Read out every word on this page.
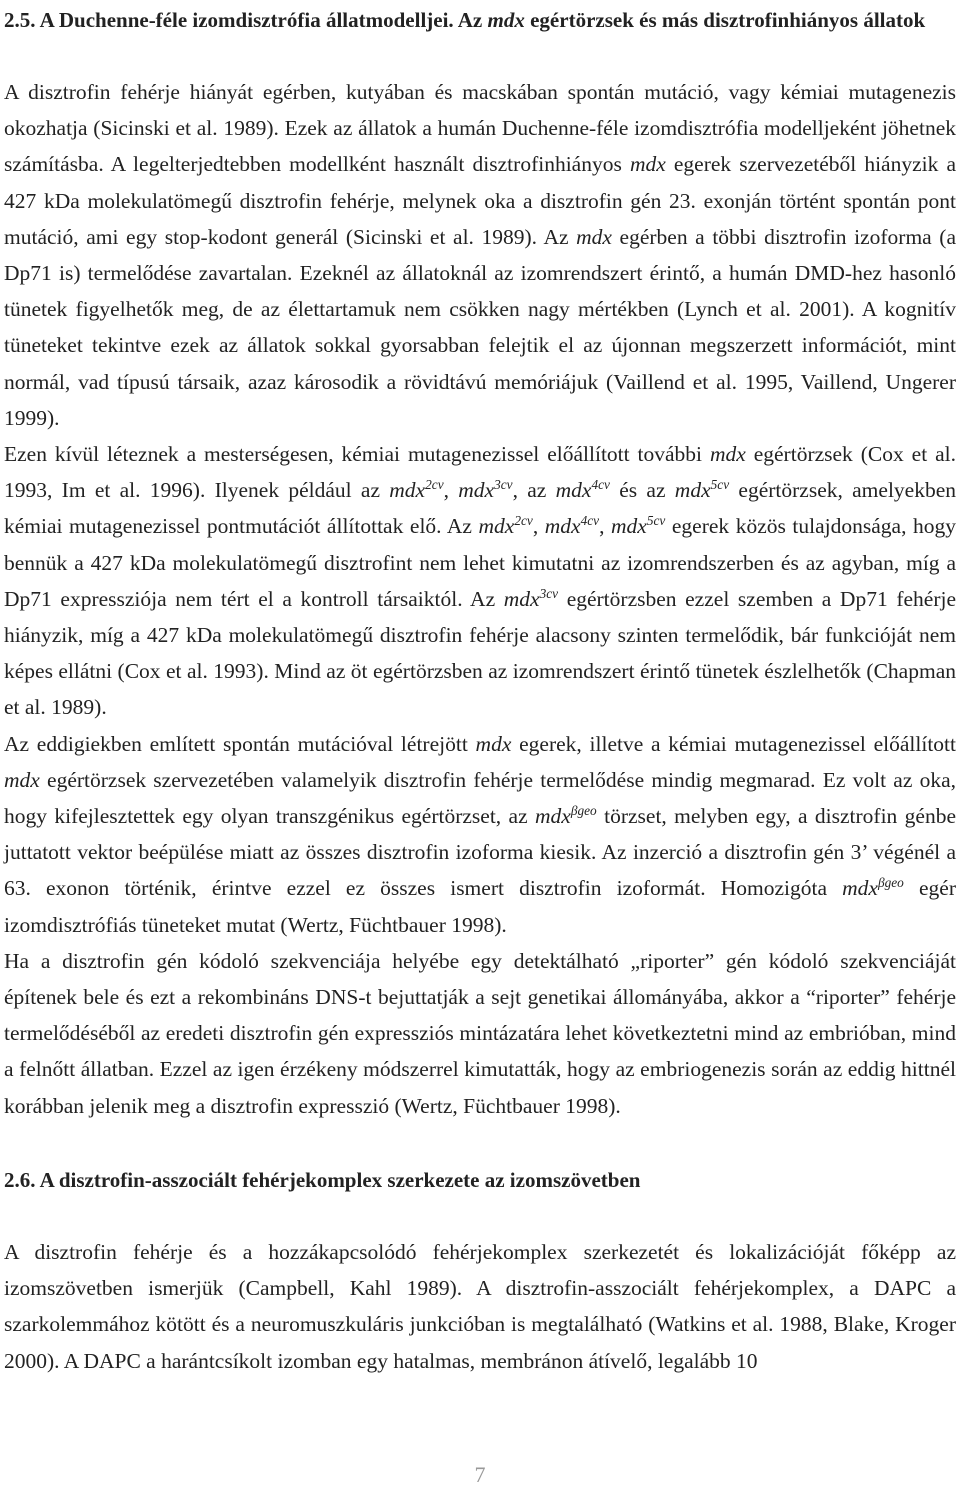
2.5. A Duchenne-féle izomdisztrófia állatmodelljei. Az mdx egértörzsek és más disztrofinhiányos állatok

A disztrofin fehérje hiányát egérben, kutyában és macskában spontán mutáció, vagy kémiai mutagenezis okozhatja (Sicinski et al. 1989). Ezek az állatok a humán Duchenne-féle izomdisztrófia modelljeként jöhetnek számításba. A legelterjedtebben modellként használt disztrofinhiányos mdx egerek szervezetéből hiányzik a 427 kDa molekulatömegű disztrofin fehérje, melynek oka a disztrofin gén 23. exonján történt spontán pont mutáció, ami egy stop-kodont generál (Sicinski et al. 1989). Az mdx egérben a többi disztrofin izoforma (a Dp71 is) termelődése zavartalan. Ezeknél az állatoknál az izomrendszert érintő, a humán DMD-hez hasonló tünetek figyelhetők meg, de az élettartamuk nem csökken nagy mértékben (Lynch et al. 2001). A kognitív tüneteket tekintve ezek az állatok sokkal gyorsabban felejtik el az újonnan megszerzett információt, mint normál, vad típusú társaik, azaz károsodik a rövidtávú memóriájuk (Vaillend et al. 1995, Vaillend, Ungerer 1999).

Ezen kívül léteznek a mesterségesen, kémiai mutagenezissel előállított további mdx egértörzsek (Cox et al. 1993, Im et al. 1996). Ilyenek például az mdx$^{2cv}$, mdx$^{3cv}$, az mdx$^{4cv}$ és az mdx$^{5cv}$ egértörzsek, amelyekben kémiai mutagenezissel pontmutációt állítottak elő. Az mdx$^{2cv}$, mdx$^{4cv}$, mdx$^{5cv}$ egerek közös tulajdonsága, hogy bennük a 427 kDa molekulatömegű disztrofint nem lehet kimutatni az izomrendszerben és az agyban, míg a Dp71 expressziója nem tért el a kontroll társaiktól. Az mdx$^{3cv}$ egértörzsben ezzel szemben a Dp71 fehérje hiányzik, míg a 427 kDa molekulatömegű disztrofin fehérje alacsony szinten termelődik, bár funkcióját nem képes ellátni (Cox et al. 1993). Mind az öt egértörzsben az izomrendszert érintő tünetek észlelhetők (Chapman et al. 1989).

Az eddigiekben említett spontán mutációval létrejött mdx egerek, illetve a kémiai mutagenezissel előállított mdx egértörzsek szervezetében valamelyik disztrofin fehérje termelődése mindig megmarad. Ez volt az oka, hogy kifejlesztettek egy olyan transzgénikus egértörzset, az mdx$^{\beta geo}$ törzset, melyben egy, a disztrofin génbe juttatott vektor beépülése miatt az összes disztrofin izoforma kiesik. Az inzerció a disztrofin gén 3’ végénél a 63. exonon történik, érintve ezzel ez összes ismert disztrofin izoformát. Homozigóta mdx$^{\beta geo}$ egér izomdisztrófiás tüneteket mutat (Wertz, Füchtbauer 1998).

Ha a disztrofin gén kódoló szekvenciája helyébe egy detektálható „riporter” gén kódoló szekvenciáját építenek bele és ezt a rekombináns DNS-t bejuttatják a sejt genetikai állományába, akkor a “riporter” fehérje termelődéséből az eredeti disztrofin gén expressziós mintázatára lehet következtetni mind az embrióban, mind a felnőtt állatban. Ezzel az igen érzékeny módszerrel kimutatták, hogy az embriogenezis során az eddig hittnél korábban jelenik meg a disztrofin expresszió (Wertz, Füchtbauer 1998).

2.6. A disztrofin-asszociált fehérjekomplex szerkezete az izomszövetben

A disztrofin fehérje és a hozzákapcsolódó fehérjekomplex szerkezetét és lokalizációját főképp az izomszövetben ismerjük (Campbell, Kahl 1989). A disztrofin-asszociált fehérjekomplex, a DAPC a szarkolemmához kötött és a neuromuszkuláris junkcióban is megtalálható (Watkins et al. 1988, Blake, Kroger 2000). A DAPC a harántcsíkolt izomban egy hatalmas, membránon átívelő, legalább 10

7
